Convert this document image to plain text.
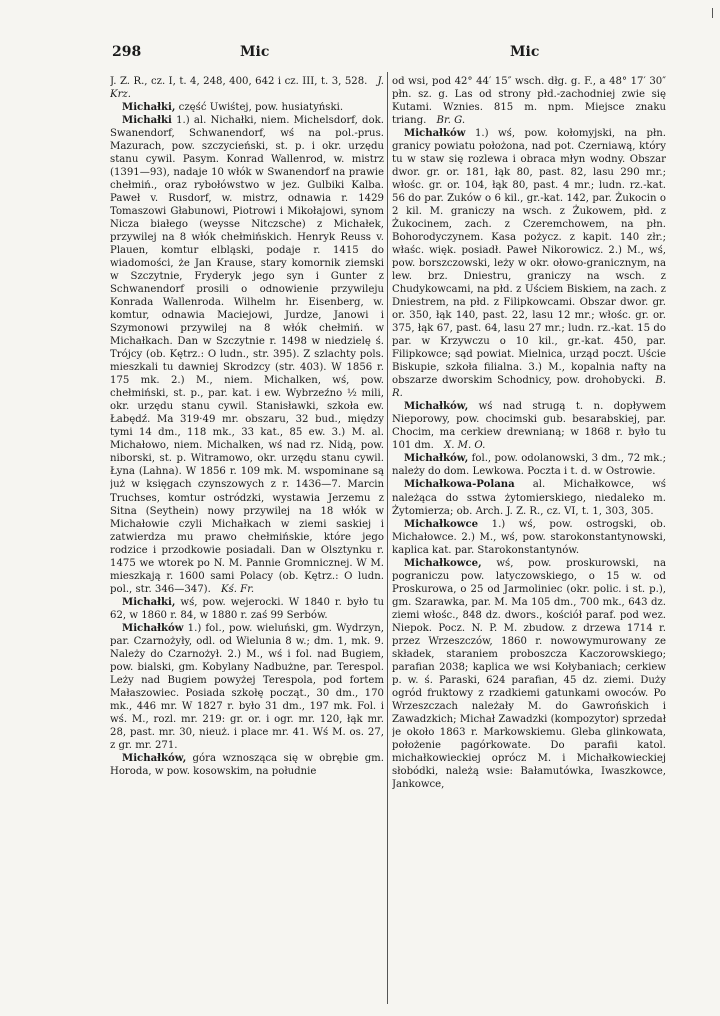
298	Mic	Mic

J. Z. R., cz. I, t. 4, 248, 400, 642 i cz. III, t. 3, 528.  J. Krz.

Michałki, część Uwiśtej, pow. husiatyński.

Michałki 1.) al. Nichałki, niem. Michelsdorf, dok. Swanendorf, Schwanendorf, wś na pol.-prus. Mazurach, pow. szczycieński, st. p. i okr. urzędu stanu cywil. Pasym. Konrad Wallenrod, w. mistrz (1391—93), nadaje 10 włók w Swanendorf na prawie chełmiń., oraz rybołówstwo w jez. Gulbiki Kalba. Paweł v. Rusdorf, w. mistrz, odnawia r. 1429 Tomaszowi Głabunowi, Piotrowi i Mikołajowi, synom Nicza białego (weysse Nitczsche) z Michałek, przywilej na 8 włók chełmińskich. Henryk Reuss v. Plauen, komtur elbląski, podaje r. 1415 do wiadomości, że Jan Krause, stary komornik ziemski w Szczytnie, Fryderyk jego syn i Gunter z Schwanendorf prosili o odnowienie przywileju Konrada Wallenroda. Wilhelm hr. Eisenberg, w. komtur, odnawia Maciejowi, Jurdze, Janowi i Szymonowi przywilej na 8 włók chełmiń. w Michałkach. Dan w Szczytnie r. 1498 w niedzielę ś. Trójcy (ob. Kętrz.: O ludn., str. 395). Z szlachty pols. mieszkali tu dawniej Skrodzcy (str. 403). W 1856 r. 175 mk. 2.) M., niem. Michalken, wś, pow. chełmiński, st. p., par. kat. i ew. Wybrzeźno ½ mili, okr. urzędu stanu cywil. Stanisławki, szkoła ew. Łabędź. Ma 319·49 mr. obszaru, 32 bud., między tymi 14 dm., 118 mk., 33 kat., 85 ew. 3.) M. al. Michałowo, niem. Michalken, wś nad rz. Nidą, pow. niborski, st. p. Witramowo, okr. urzędu stanu cywil. Łyna (Lahna). W 1856 r. 109 mk. M. wspominane są już w księgach czynszowych z r. 1436—7. Marcin Truchses, komtur ostródzki, wystawia Jerzemu z Sitna (Seythein) nowy przywilej na 18 włók w Michałowie czyli Michałkach w ziemi saskiej i zatwierdza mu prawo chełmińskie, które jego rodzice i przodkowie posiadali. Dan w Olsztynku r. 1475 we wtorek po N. M. Pannie Gromnicznej. W M. mieszkają r. 1600 sami Polacy (ob. Kętrz.: O ludn. pol., str. 346—347).  Kś. Fr.

Michałki, wś, pow. wejerocki. W 1840 r. było tu 62, w 1860 r. 84, w 1880 r. zaś 99 Serbów.

Michałków 1.) fol., pow. wieluński, gm. Wydrzyn, par. Czarnożyły, odl. od Wielunia 8 w.; dm. 1, mk. 9. Należy do Czarnożył. 2.) M., wś i fol. nad Bugiem, pow. bialski, gm. Kobylany Nadbużne, par. Terespol. Leży nad Bugiem powyżej Terespola, pod fortem Małaszowiec. Posiada szkołę począt., 30 dm., 170 mk., 446 mr. W 1827 r. było 31 dm., 197 mk. Fol. i wś. M., rozl. mr. 219: gr. or. i ogr. mr. 120, łąk mr. 28, past. mr. 30, nieuż. i place mr. 41. Wś M. os. 27, z gr. mr. 271.

Michałków, góra wznosząca się w obrębie gm. Horoda, w pow. kosowskim, na południe

od wsi, pod 42° 44′ 15″ wsch. dłg. g. F., a 48° 17′ 30″ płn. sz. g. Las od strony płd.-zachodniej zwie się Kutami. Wznies. 815 m. npm. Miejsce znaku triang.  Br. G.

Michałków 1.) wś, pow. kołomyjski, na płn. granicy powiatu położona, nad pot. Czerniawą, który tu w staw się rozlewa i obraca młyn wodny. Obszar dwor. gr. or. 181, łąk 80, past. 82, lasu 290 mr.; włośc. gr. or. 104, łąk 80, past. 4 mr.; ludn. rz.-kat. 56 do par. Zuków o 6 kil., gr.-kat. 142, par. Żukocin o 2 kil. M. graniczy na wsch. z Żukowem, płd. z Żukocinem, zach. z Czeremchowem, na płn. Bohorodyczynem. Kasa pożycz. z kapit. 140 złr.; właśc. więk. posiadł. Paweł Nikorowicz. 2.) M., wś, pow. borszczowski, leży w okr. ołowo-granicznym, na lew. brz. Dniestru, graniczy na wsch. z Chudykowcami, na płd. z Uściem Biskiem, na zach. z Dniestrem, na płd. z Filipkowcami. Obszar dwor. gr. or. 350, łąk 140, past. 22, lasu 12 mr.; włośc. gr. or. 375, łąk 67, past. 64, lasu 27 mr.; ludn. rz.-kat. 15 do par. w Krzywczu o 10 kil., gr.-kat. 450, par. Filipkowce; sąd powiat. Mielnica, urząd poczt. Uście Biskupie, szkoła filialna. 3.) M., kopalnia nafty na obszarze dworskim Schodnicy, pow. drohobycki.  B. R.

Michałków, wś nad strugą t. n. dopływem Nieporowy, pow. chocimski gub. besarabskiej, par. Chocim, ma cerkiew drewnianą; w 1868 r. było tu 101 dm.  X. M. O.

Michałków, fol., pow. odolanowski, 3 dm., 72 mk.; należy do dom. Lewkowa. Poczta i t. d. w Ostrowie.

Michałkowa-Polana al. Michałkowce, wś należąca do sstwa żytomierskiego, niedaleko m. Żytomierza; ob. Arch. J. Z. R., cz. VI, t. 1, 303, 305.

Michałkowce 1.) wś, pow. ostrogski, ob. Michałowce. 2.) M., wś, pow. starokonstantynowski, kaplica kat. par. Starokonstantynów.

Michałkowce, wś, pow. proskurowski, na pograniczu pow. latyczowskiego, o 15 w. od Proskurowa, o 25 od Jarmoliniec (okr. polic. i st. p.), gm. Szarawka, par. M. Ma 105 dm., 700 mk., 643 dz. ziemi włośc., 848 dz. dwors., kościół paraf. pod wez. Niepok. Pocz. N. P. M. zbudow. z drzewa 1714 r. przez Wrzeszczów, 1860 r. nowowymurowany ze składek, staraniem proboszcza Kaczorowskiego; parafian 2038; kaplica we wsi Kołybaniach; cerkiew p. w. ś. Paraski, 624 parafian, 45 dz. ziemi. Duży ogród fruktowy z rzadkiemi gatunkami owoców. Po Wrzeszczach należały M. do Gawrońskich i Zawadzkich; Michał Zawadzki (kompozytor) sprzedał je około 1863 r. Markowskiemu. Gleba glinkowata, położenie pagórkowate. Do parafii katol. michałkowieckiej oprócz M. i Michałkowieckiej słobódki, należą wsie: Bałamutówka, Iwaszkowce, Jankowce,
